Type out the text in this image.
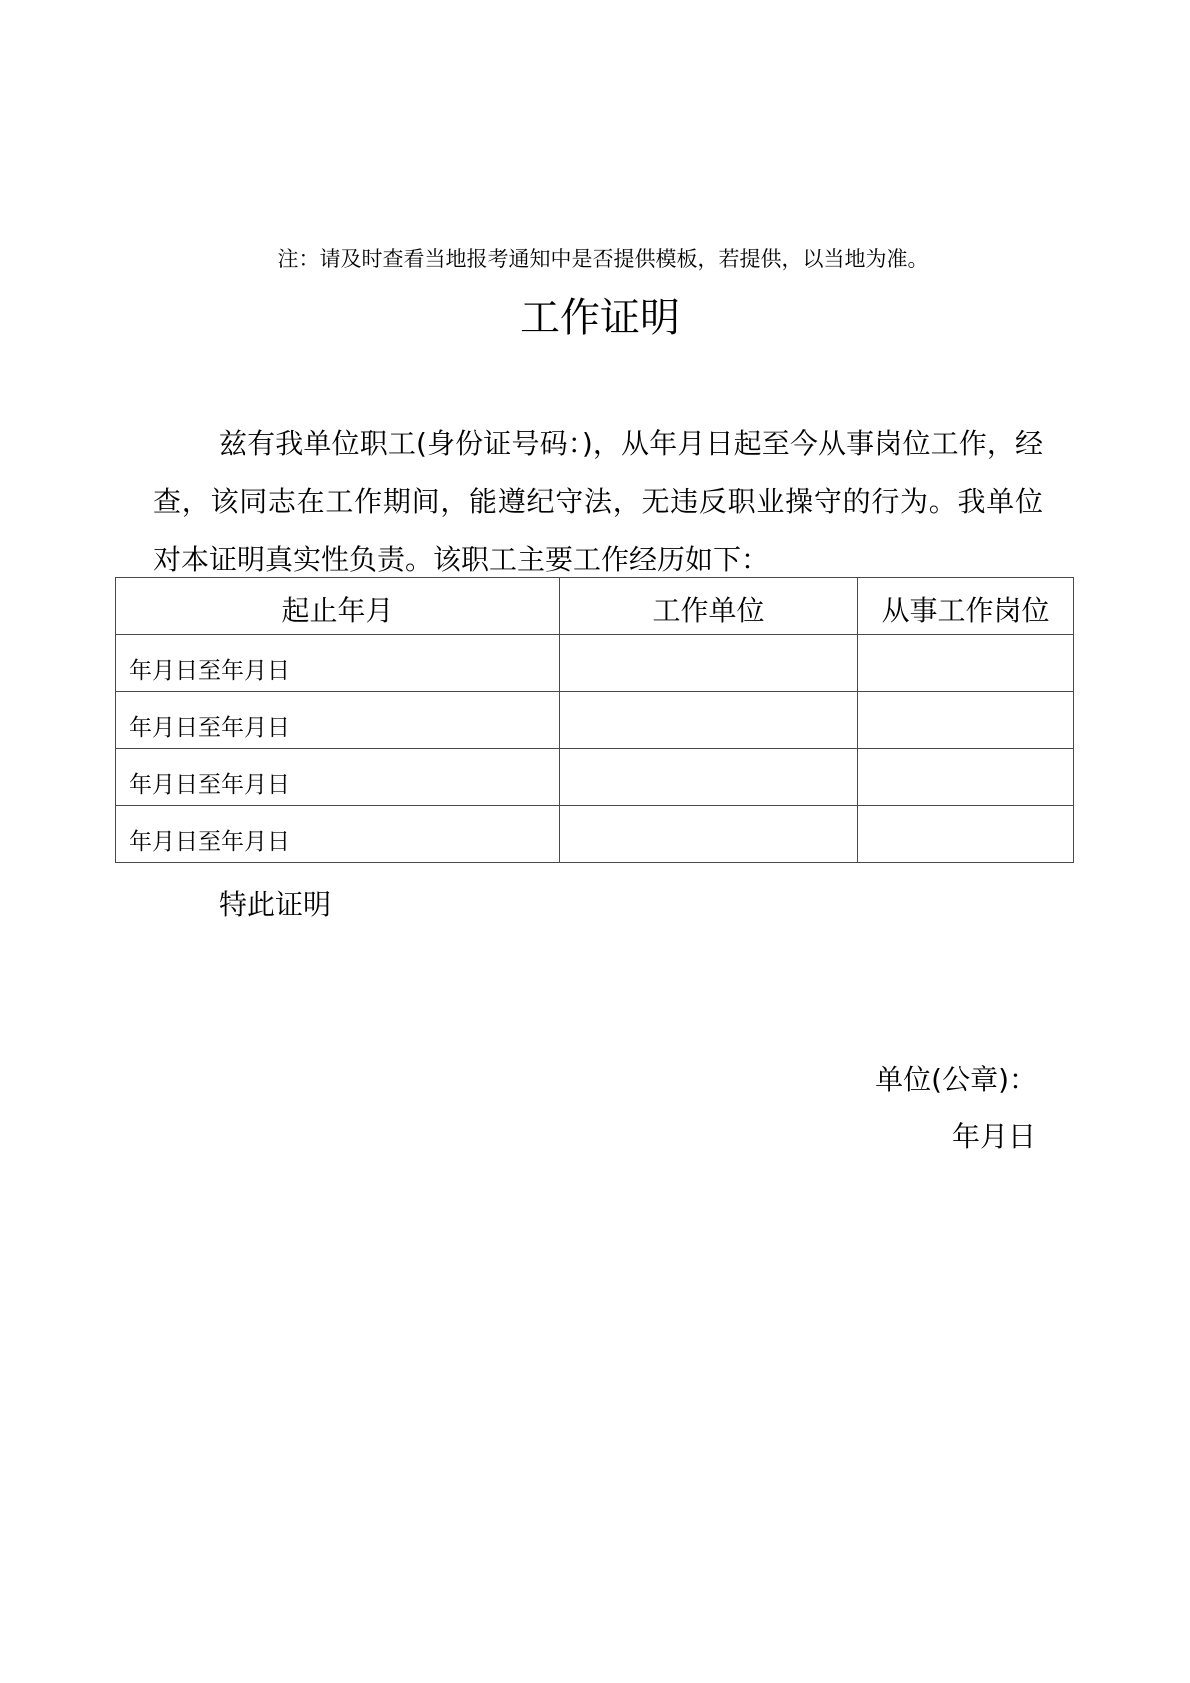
注：请及时查看当地报考通知中是否提供模板，若提供，以当地为准。
工作证明
兹有我单位职工(身份证号码：)，从年月日起至今从事岗位工作，经查，该同志在工作期间，能遵纪守法，无违反职业操守的行为。我单位对本证明真实性负责。该职工主要工作经历如下：
起止年月	工作单位	从事工作岗位
年月日至年月日		
年月日至年月日		
年月日至年月日		
年月日至年月日		
特此证明
单位(公章)：
年月日
